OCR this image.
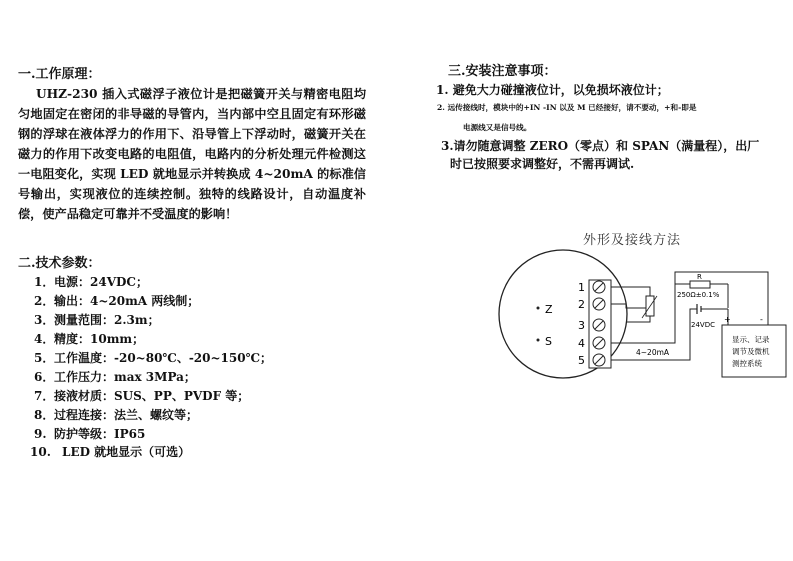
一.工作原理：
UHZ-230 插入式磁浮子液位计是把磁簧开关与精密电阻均匀地固定在密闭的非导磁的导管内，当内部中空且固定有环形磁钢的浮球在液体浮力的作用下、沿导管上下浮动时，磁簧开关在磁力的作用下改变电路的电阻值，电路内的分析处理元件检测这一电阻变化，实现 LED 就地显示并转换成 4~20mA 的标准信号输出，实现液位的连续控制。独特的线路设计，自动温度补偿，使产品稳定可靠并不受温度的影响！
二.技术参数：
1．电源：24VDC；
2．输出：4~20mA 两线制；
3．测量范围：2.3m；
4．精度：10mm；
5．工作温度：-20~80℃、-20~150℃；
6．工作压力：max 3MPa；
7．接液材质：SUS、PP、PVDF 等；
8．过程连接：法兰、螺纹等；
9. 防护等级：IP65
10. LED 就地显示（可选）
三.安装注意事项：
1. 避免大力碰撞液位计，以免损坏液位计；
2. 远传接线时，模块中的+IN -IN 以及 M 已经接好，请不要动，+和-即是
电源线又是信号线。
3.请勿随意调整 ZERO（零点）和 SPAN（满量程），出厂
时已按照要求调整好，不需再调试.
外形及接线方法
1
2
3
4
5
Z
S
R
250Ω±0.1%
24VDC
+	-
显示、记录
调节及微机
测控系统
4~20mA
